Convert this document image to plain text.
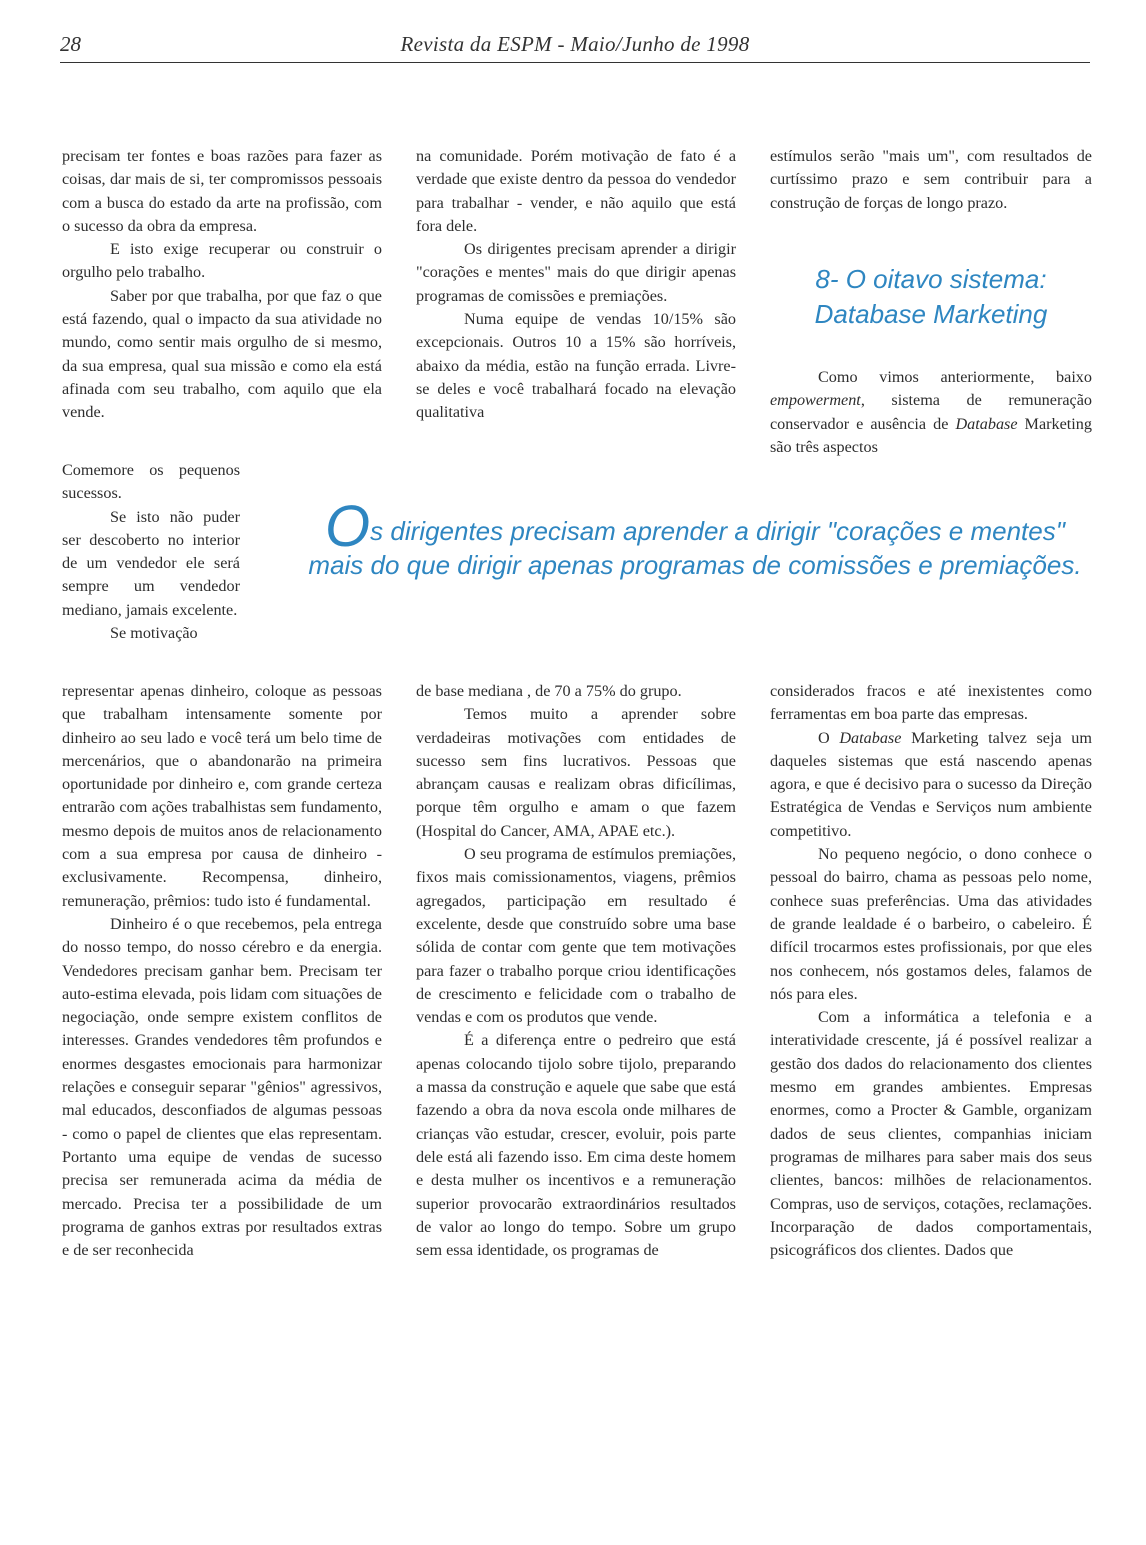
28	Revista da ESPM - Maio/Junho de 1998

precisam ter fontes e boas razões para fazer as coisas, dar mais de si, ter compromissos pessoais com a busca do estado da arte na profissão, com o sucesso da obra da empresa.

E isto exige recuperar ou construir o orgulho pelo trabalho.

Saber por que trabalha, por que faz o que está fazendo, qual o impacto da sua atividade no mundo, como sentir mais orgulho de si mesmo, da sua empresa, qual sua missão e como ela está afinada com seu trabalho, com aquilo que ela vende.

Comemore os pequenos sucessos.

Se isto não puder ser descoberto no interior de um vendedor ele será sempre um vendedor mediano, jamais excelente.

Se motivação

representar apenas dinheiro, coloque as pessoas que trabalham intensamente somente por dinheiro ao seu lado e você terá um belo time de mercenários, que o abandonarão na primeira oportunidade por dinheiro e, com grande certeza entrarão com ações trabalhistas sem fundamento, mesmo depois de muitos anos de relacionamento com a sua empresa por causa de dinheiro - exclusivamente. Recompensa, dinheiro, remuneração, prêmios: tudo isto é fundamental.

Dinheiro é o que recebemos, pela entrega do nosso tempo, do nosso cérebro e da energia. Vendedores precisam ganhar bem. Precisam ter auto-estima elevada, pois lidam com situações de negociação, onde sempre existem conflitos de interesses. Grandes vendedores têm profundos e enormes desgastes emocionais para harmonizar relações e conseguir separar "gênios" agressivos, mal educados, desconfiados de algumas pessoas - como o papel de clientes que elas representam. Portanto uma equipe de vendas de sucesso precisa ser remunerada acima da média de mercado. Precisa ter a possibilidade de um programa de ganhos extras por resultados extras e de ser reconhecida

na comunidade. Porém motivação de fato é a verdade que existe dentro da pessoa do vendedor para trabalhar - vender, e não aquilo que está fora dele.

Os dirigentes precisam aprender a dirigir "corações e mentes" mais do que dirigir apenas programas de comissões e premiações.

Numa equipe de vendas 10/15% são excepcionais. Outros 10 a 15% são horríveis, abaixo da média, estão na função errada. Livre-se deles e você trabalhará focado na elevação qualitativa

de base mediana , de 70 a 75% do grupo.

Temos muito a aprender sobre verdadeiras motivações com entidades de sucesso sem fins lucrativos. Pessoas que abrançam causas e realizam obras dificílimas, porque têm orgulho e amam o que fazem (Hospital do Cancer, AMA, APAE etc.).

O seu programa de estímulos premiações, fixos mais comissionamentos, viagens, prêmios agregados, participação em resultado é excelente, desde que construído sobre uma base sólida de contar com gente que tem motivações para fazer o trabalho porque criou identificações de crescimento e felicidade com o trabalho de vendas e com os produtos que vende.

É a diferença entre o pedreiro que está apenas colocando tijolo sobre tijolo, preparando a massa da construção e aquele que sabe que está fazendo a obra da nova escola onde milhares de crianças vão estudar, crescer, evoluir, pois parte dele está ali fazendo isso. Em cima deste homem e desta mulher os incentivos e a remuneração superior provocarão extraordinários resultados de valor ao longo do tempo. Sobre um grupo sem essa identidade, os programas de

estímulos serão "mais um", com resultados de curtíssimo prazo e sem contribuir para a construção de forças de longo prazo.

8- O oitavo sistema: Database Marketing

Como vimos anteriormente, baixo empowerment, sistema de remuneração conservador e ausência de Database Marketing são três aspectos

considerados fracos e até inexistentes como ferramentas em boa parte das empresas.

O Database Marketing talvez seja um daqueles sistemas que está nascendo apenas agora, e que é decisivo para o sucesso da Direção Estratégica de Vendas e Serviços num ambiente competitivo.

No pequeno negócio, o dono conhece o pessoal do bairro, chama as pessoas pelo nome, conhece suas preferências. Uma das atividades de grande lealdade é o barbeiro, o cabeleiro. É difícil trocarmos estes profissionais, por que eles nos conhecem, nós gostamos deles, falamos de nós para eles.

Com a informática a telefonia e a interatividade crescente, já é possível realizar a gestão dos dados do relacionamento dos clientes mesmo em grandes ambientes. Empresas enormes, como a Procter & Gamble, organizam dados de seus clientes, companhias iniciam programas de milhares para saber mais dos seus clientes, bancos: milhões de relacionamentos. Compras, uso de serviços, cotações, reclamações. Incorparação de dados comportamentais, psicográficos dos clientes. Dados que

Os dirigentes precisam aprender a dirigir "corações e mentes" mais do que dirigir apenas programas de comissões e premiações.
